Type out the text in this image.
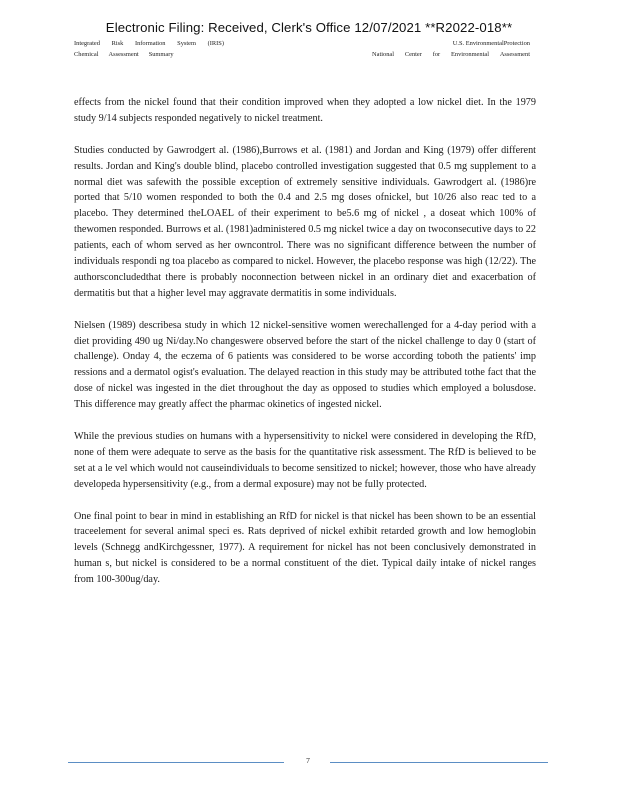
Electronic Filing: Received, Clerk's Office 12/07/2021 **R2022-018**
Integrated Risk Information System (IRIS)
Chemical Assessment Summary
U.S. EnvironmentalProtection
National Center for Environmental Assessment

effects from the nickel found that their condition improved when they adopted a low nickel diet. In the 1979 study 9/14 subjects responded negatively to nickel treatment.

Studies conducted by Gawrodgert al. (1986),Burrows et al. (1981) and Jordan and King (1979) offer different results. Jordan and King's double blind, placebo controlled investigation suggested that 0.5 mg supplement to a normal diet was safewith the possible exception of extremely sensitive individuals. Gawrodgert al. (1986)re ported that 5/10 women responded to both the 0.4 and 2.5 mg doses ofnickel, but 10/26 also reac ted to a placebo. They determined theLOAEL of their experiment to be5.6 mg of nickel , a doseat which 100% of thewomen responded. Burrows et al. (1981)administered 0.5 mg nickel twice a day on twoconsecutive days to 22 patients, each of whom served as her owncontrol. There was no significant difference between the number of individuals respondi ng toa placebo as compared to nickel. However, the placebo response was high (12/22). The authorsconcludedthat there is probably noconnection between nickel in an ordinary diet and exacerbation of dermatitis but that a higher level may aggravate dermatitis in some individuals.

Nielsen (1989) describesa study in which 12 nickel-sensitive women werechallenged for a 4-day period with a diet providing 490 ug Ni/day.No changeswere observed before the start of the nickel challenge to day 0 (start of challenge). Onday 4, the eczema of 6 patients was considered to be worse according toboth the patients' imp ressions and a dermatol ogist's evaluation. The delayed reaction in this study may be attributed tothe fact that the dose of nickel was ingested in the diet throughout the day as opposed to studies which employed a bolusdose. This difference may greatly affect the pharmac okinetics of ingested nickel.

While the previous studies on humans with a hypersensitivity to nickel were considered in developing the RfD, none of them were adequate to serve as the basis for the quantitative risk assessment. The RfD is believed to be set at a le vel which would not causeindividuals to become sensitized to nickel; however, those who have already developeda hypersensitivity (e.g., from a dermal exposure) may not be fully protected.

One final point to bear in mind in establishing an RfD for nickel is that nickel has been shown to be an essential traceelement for several animal speci es. Rats deprived of nickel exhibit retarded growth and low hemoglobin levels (Schnegg andKirchgessner, 1977). A requirement for nickel has not been conclusively demonstrated in human s, but nickel is considered to be a normal constituent of the diet. Typical daily intake of nickel ranges from 100-300ug/day.

7
